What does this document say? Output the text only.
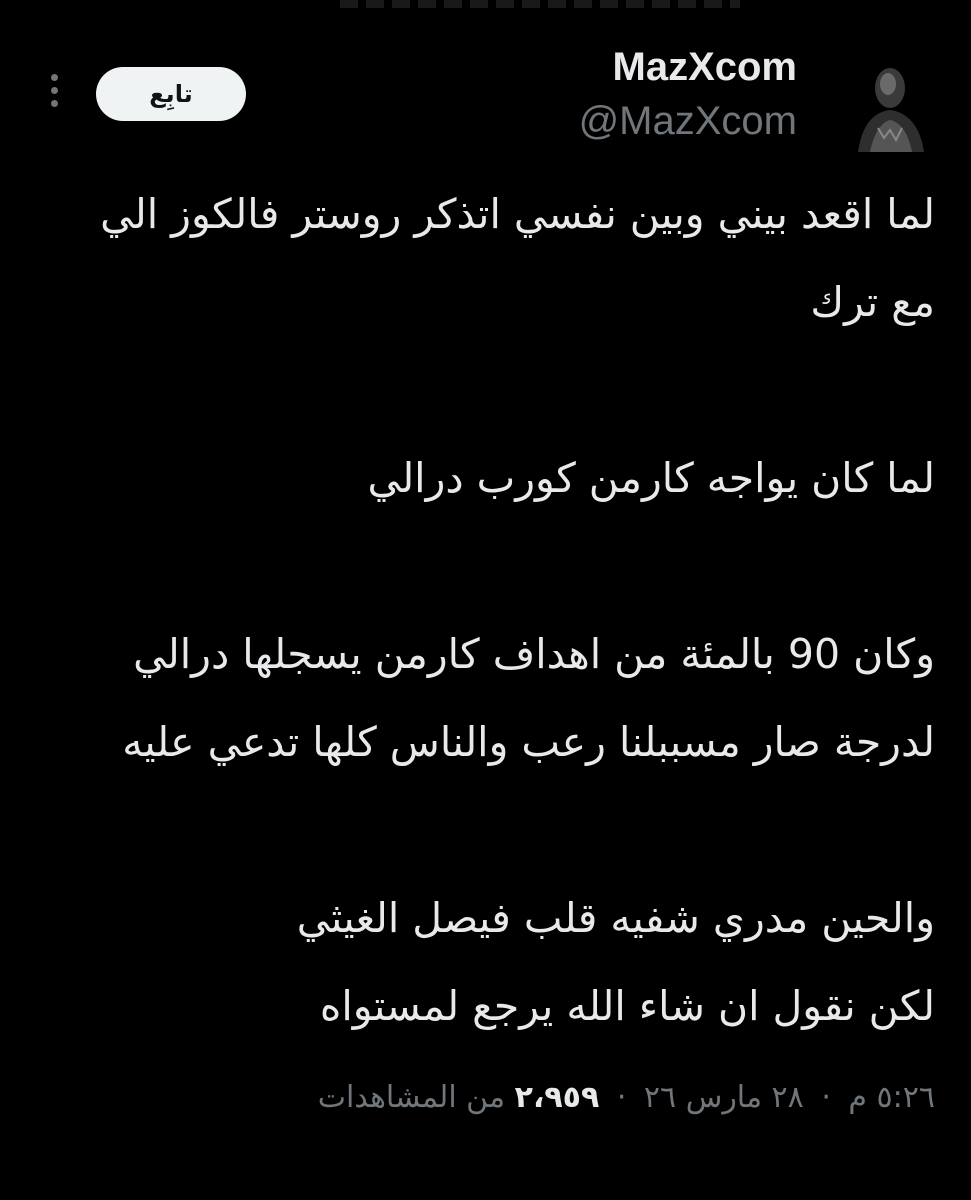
تابِع
MazXcom
@MazXcom
لما اقعد بيني وبين نفسي اتذكر روستر فالكوز الي
مع ترك
لما كان يواجه كارمن كورب درالي
وكان 90 بالمئة من اهداف كارمن يسجلها درالي
لدرجة صار مسببلنا رعب والناس كلها تدعي عليه
والحين مدري شفيه قلب فيصل الغيثي
لكن نقول ان شاء الله يرجع لمستواه
٥:٢٦ م · ٢٨ مارس ٢٦ · ٢،٩٥٩ من المشاهدات
